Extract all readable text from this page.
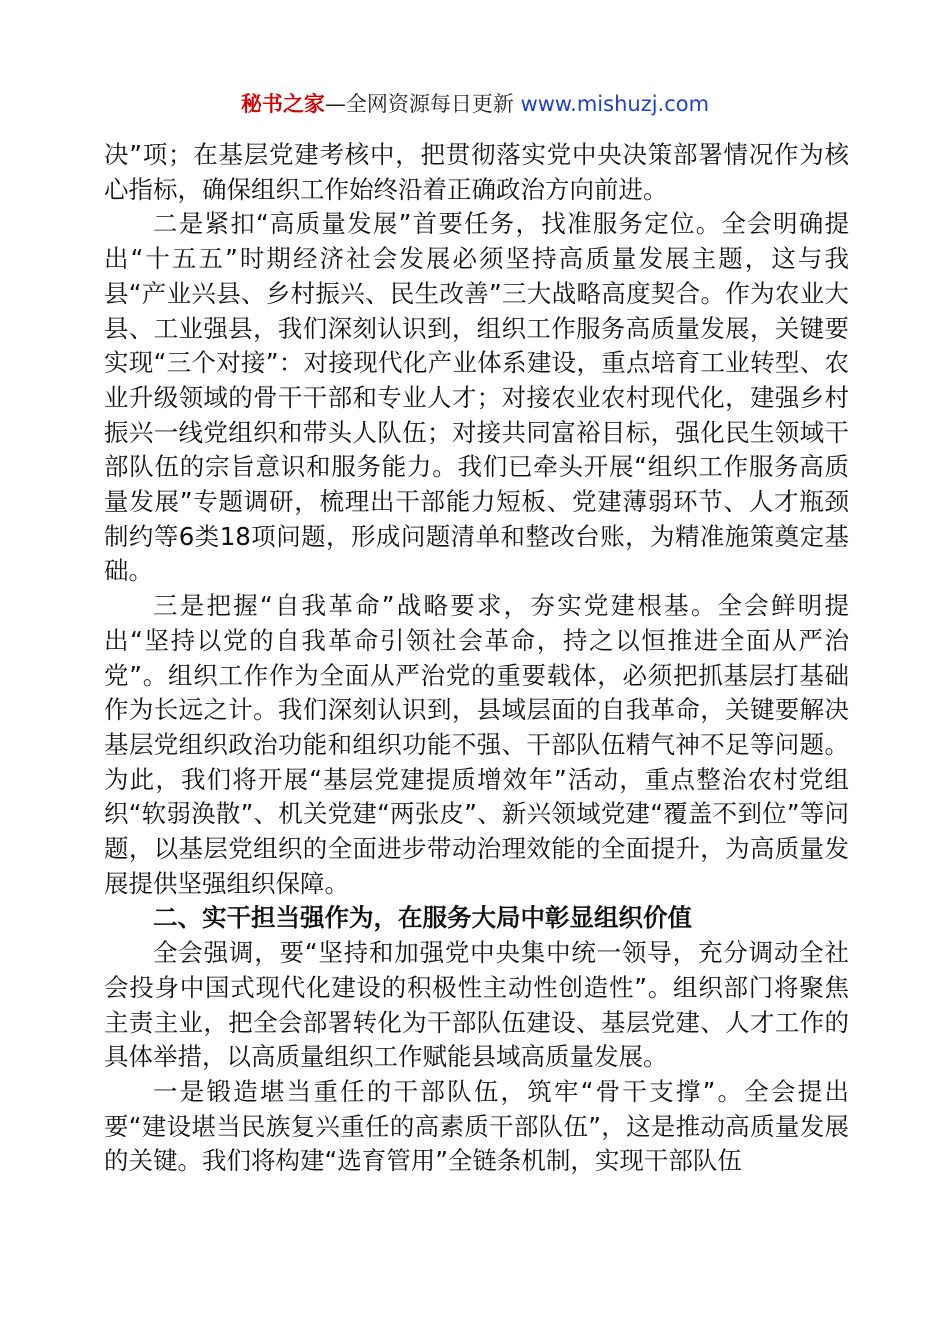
秘书之家—全网资源每日更新 www.mishuzj.com

决”项；在基层党建考核中，把贯彻落实党中央决策部署情况作为核心指标，确保组织工作始终沿着正确政治方向前进。

二是紧扣“高质量发展”首要任务，找准服务定位。全会明确提出“十五五”时期经济社会发展必须坚持高质量发展主题，这与我县“产业兴县、乡村振兴、民生改善”三大战略高度契合。作为农业大县、工业强县，我们深刻认识到，组织工作服务高质量发展，关键要实现“三个对接”：对接现代化产业体系建设，重点培育工业转型、农业升级领域的骨干干部和专业人才；对接农业农村现代化，建强乡村振兴一线党组织和带头人队伍；对接共同富裕目标，强化民生领域干部队伍的宗旨意识和服务能力。我们已牵头开展“组织工作服务高质量发展”专题调研，梳理出干部能力短板、党建薄弱环节、人才瓶颈制约等6类18项问题，形成问题清单和整改台账，为精准施策奠定基础。

三是把握“自我革命”战略要求，夯实党建根基。全会鲜明提出“坚持以党的自我革命引领社会革命，持之以恒推进全面从严治党”。组织工作作为全面从严治党的重要载体，必须把抓基层打基础作为长远之计。我们深刻认识到，县域层面的自我革命，关键要解决基层党组织政治功能和组织功能不强、干部队伍精气神不足等问题。为此，我们将开展“基层党建提质增效年”活动，重点整治农村党组织“软弱涣散”、机关党建“两张皮”、新兴领域党建“覆盖不到位”等问题，以基层党组织的全面进步带动治理效能的全面提升，为高质量发展提供坚强组织保障。

二、实干担当强作为，在服务大局中彰显组织价值

全会强调，要“坚持和加强党中央集中统一领导，充分调动全社会投身中国式现代化建设的积极性主动性创造性”。组织部门将聚焦主责主业，把全会部署转化为干部队伍建设、基层党建、人才工作的具体举措，以高质量组织工作赋能县域高质量发展。

一是锻造堪当重任的干部队伍，筑牢“骨干支撑”。全会提出要“建设堪当民族复兴重任的高素质干部队伍”，这是推动高质量发展的关键。我们将构建“选育管用”全链条机制，实现干部队伍
